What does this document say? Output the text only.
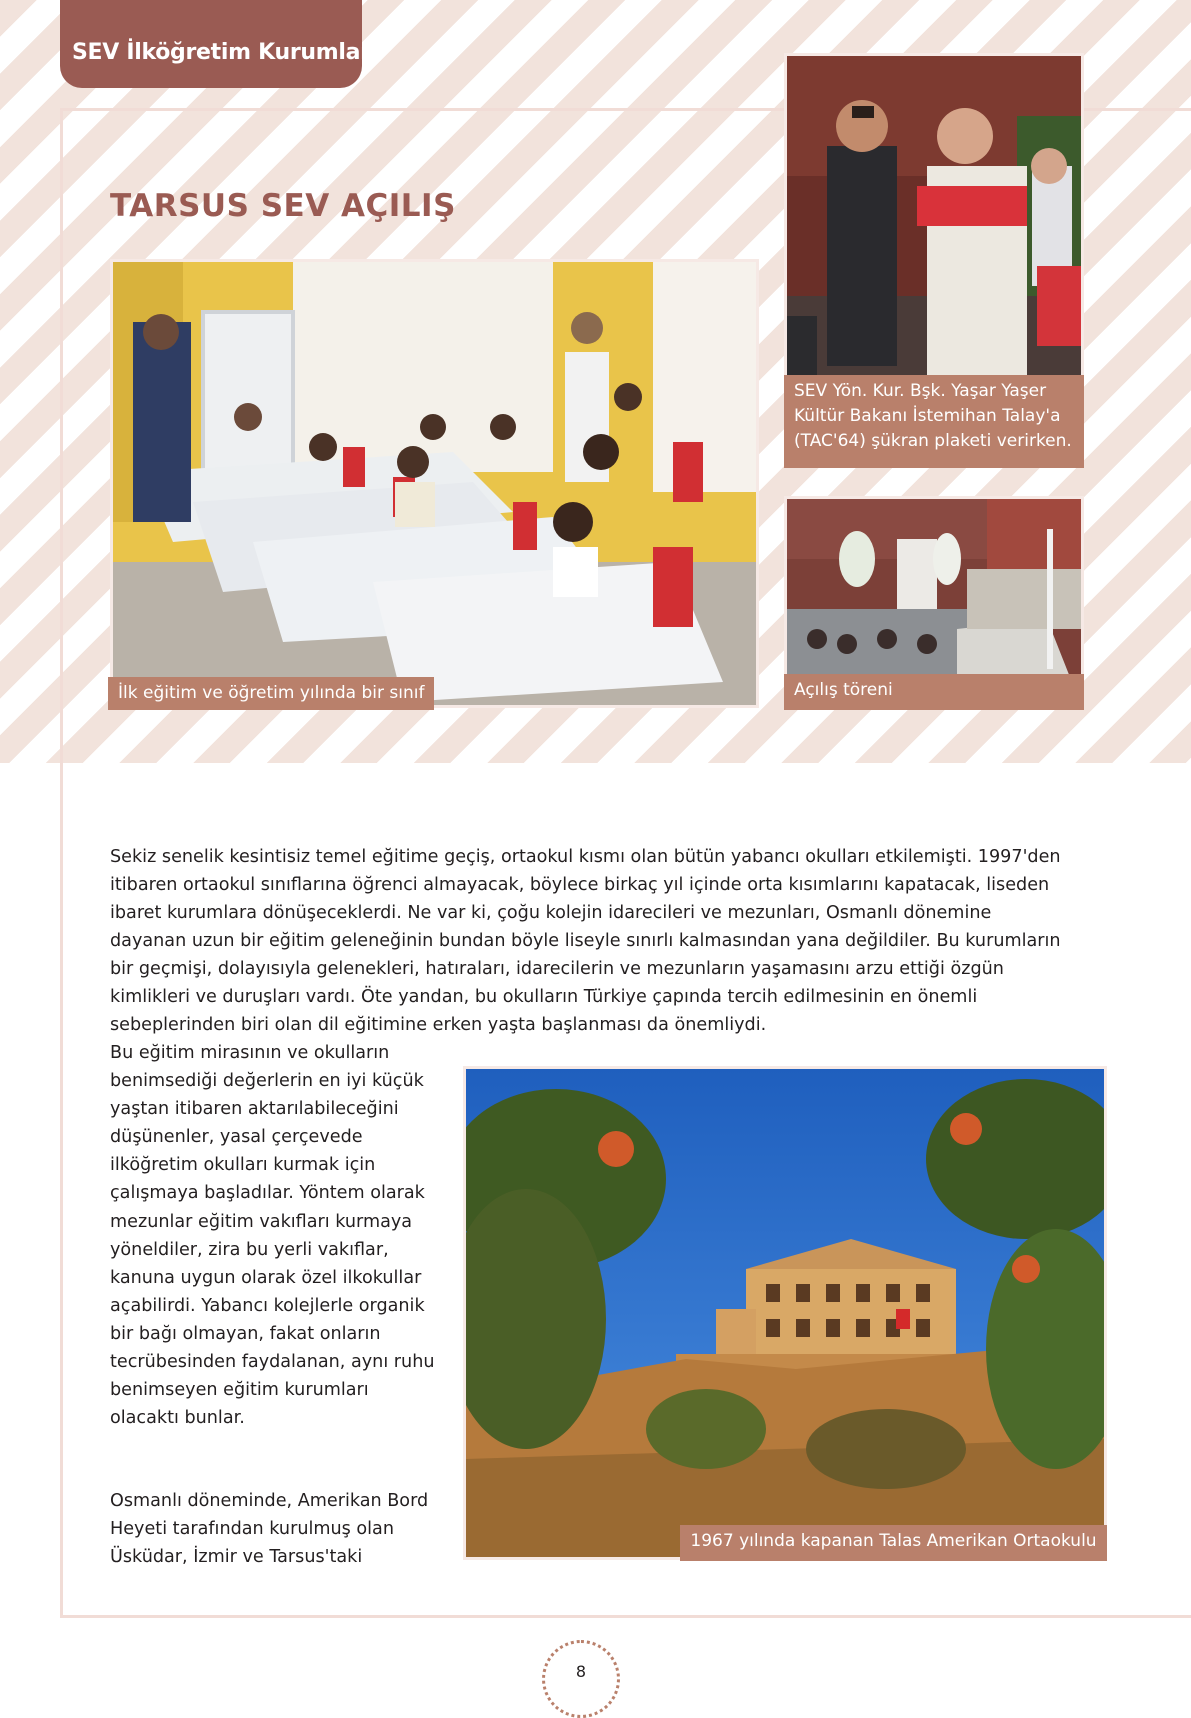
SEV İlköğretim Kurumları
TARSUS SEV AÇILIŞ
İlk eğitim ve öğretim yılında bir sınıf
SEV Yön. Kur. Bşk. Yaşar Yaşer Kültür Bakanı İstemihan Talay'a (TAC'64) şükran plaketi verirken.
Açılış töreni

Sekiz senelik kesintisiz temel eğitime geçiş, ortaokul kısmı olan bütün yabancı okulları etkilemişti. 1997'den itibaren ortaokul sınıflarına öğrenci almayacak, böylece birkaç yıl içinde orta kısımlarını kapatacak, liseden ibaret kurumlara dönüşeceklerdi. Ne var ki, çoğu kolejin idarecileri ve mezunları, Osmanlı dönemine dayanan uzun bir eğitim geleneğinin bundan böyle liseyle sınırlı kalmasından yana değildiler. Bu kurumların bir geçmişi, dolayısıyla gelenekleri, hatıraları, idarecilerin ve mezunların yaşamasını arzu ettiği özgün kimlikleri ve duruşları vardı. Öte yandan, bu okulların Türkiye çapında tercih edilmesinin en önemli sebeplerinden biri olan dil eğitimine erken yaşta başlanması da önemliydi.

Bu eğitim mirasının ve okulların benimsediği değerlerin en iyi küçük yaştan itibaren aktarılabileceğini düşünenler, yasal çerçevede ilköğretim okulları kurmak için çalışmaya başladılar. Yöntem olarak mezunlar eğitim vakıfları kurmaya yöneldiler, zira bu yerli vakıflar, kanuna uygun olarak özel ilkokullar açabilirdi. Yabancı kolejlerle organik bir bağı olmayan, fakat onların tecrübesinden faydalanan, aynı ruhu benimseyen eğitim kurumları olacaktı bunlar.

Osmanlı döneminde, Amerikan Bord Heyeti tarafından kurulmuş olan Üsküdar, İzmir ve Tarsus'taki

1967 yılında kapanan Talas Amerikan Ortaokulu
8
